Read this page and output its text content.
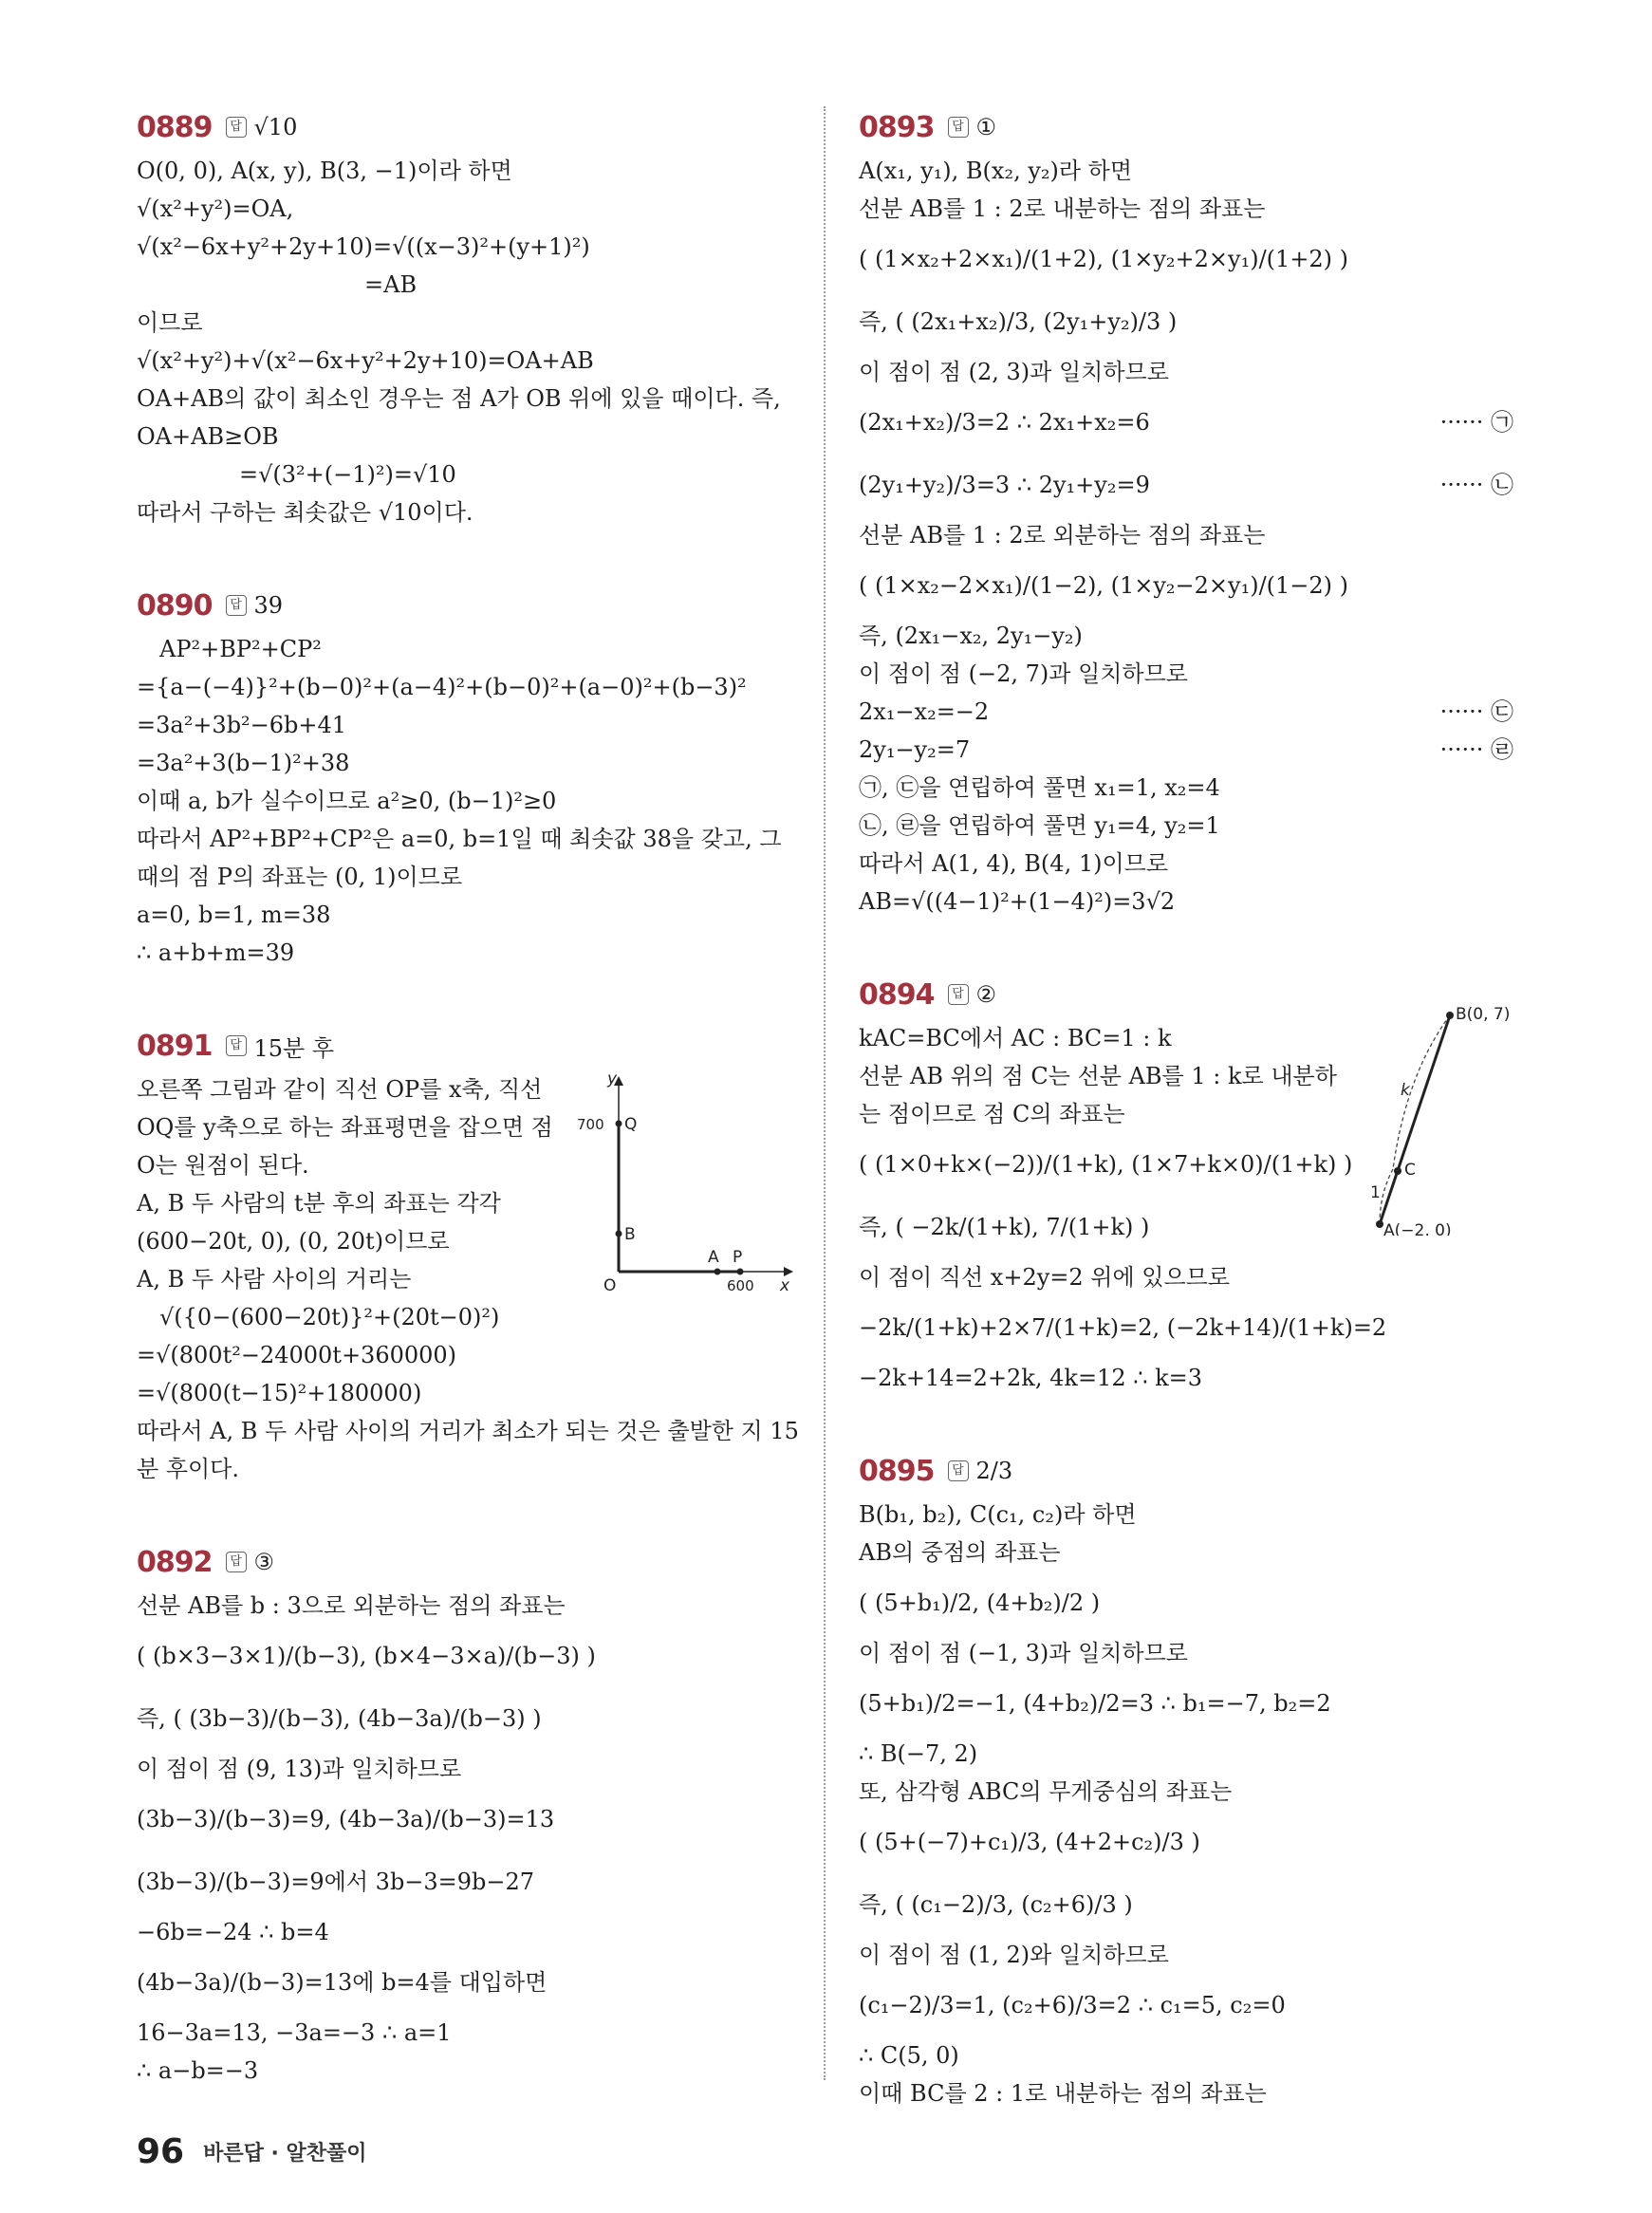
0889	답 √10
O(0, 0), A(x, y), B(3, −1)이라 하면
√(x²+y²)=OA,
√(x²−6x+y²+2y+10)=√((x−3)²+(y+1)²)
=AB
이므로
√(x²+y²)+√(x²−6x+y²+2y+10)=OA+AB
OA+AB의 값이 최소인 경우는 점 A가 OB 위에 있을 때이다. 즉,
OA+AB≥OB
=√(3²+(−1)²)=√10
따라서 구하는 최솟값은 √10이다.
0890	답 39
AP²+BP²+CP²
={a−(−4)}²+(b−0)²+(a−4)²+(b−0)²+(a−0)²+(b−3)²
=3a²+3b²−6b+41
=3a²+3(b−1)²+38
이때 a, b가 실수이므로 a²≥0, (b−1)²≥0
따라서 AP²+BP²+CP²은 a=0, b=1일 때 최솟값 38을 갖고, 그
때의 점 P의 좌표는 (0, 1)이므로
a=0, b=1, m=38
∴ a+b+m=39
0891	답 15분 후
오른쪽 그림과 같이 직선 OP를 x축, 직선
OQ를 y축으로 하는 좌표평면을 잡으면 점
O는 원점이 된다.
A, B 두 사람의 t분 후의 좌표는 각각
(600−20t, 0), (0, 20t)이므로
A, B 두 사람 사이의 거리는
√({0−(600−20t)}²+(20t−0)²)
=√(800t²−24000t+360000)
=√(800(t−15)²+180000)
따라서 A, B 두 사람 사이의 거리가 최소가 되는 것은 출발한 지 15
분 후이다.
0892	답 ③
선분 AB를 b : 3으로 외분하는 점의 좌표는
( (b×3−3×1)/(b−3), (b×4−3×a)/(b−3) )
즉, ( (3b−3)/(b−3), (4b−3a)/(b−3) )
이 점이 점 (9, 13)과 일치하므로
(3b−3)/(b−3)=9, (4b−3a)/(b−3)=13
(3b−3)/(b−3)=9에서 3b−3=9b−27
−6b=−24 ∴ b=4
(4b−3a)/(b−3)=13에 b=4를 대입하면
16−3a=13, −3a=−3 ∴ a=1
∴ a−b=−3
0893	답 ①
A(x₁, y₁), B(x₂, y₂)라 하면
선분 AB를 1 : 2로 내분하는 점의 좌표는
( (1×x₂+2×x₁)/(1+2), (1×y₂+2×y₁)/(1+2) )
즉, ( (2x₁+x₂)/3, (2y₁+y₂)/3 )
이 점이 점 (2, 3)과 일치하므로
(2x₁+x₂)/3=2 ∴ 2x₁+x₂=6	······ ㉠
(2y₁+y₂)/3=3 ∴ 2y₁+y₂=9	······ ㉡
선분 AB를 1 : 2로 외분하는 점의 좌표는
( (1×x₂−2×x₁)/(1−2), (1×y₂−2×y₁)/(1−2) )
즉, (2x₁−x₂, 2y₁−y₂)
이 점이 점 (−2, 7)과 일치하므로
2x₁−x₂=−2	······ ㉢
2y₁−y₂=7	······ ㉣
㉠, ㉢을 연립하여 풀면 x₁=1, x₂=4
㉡, ㉣을 연립하여 풀면 y₁=4, y₂=1
따라서 A(1, 4), B(4, 1)이므로
AB=√((4−1)²+(1−4)²)=3√2
0894	답 ②
kAC=BC에서 AC : BC=1 : k
선분 AB 위의 점 C는 선분 AB를 1 : k로 내분하
는 점이므로 점 C의 좌표는
( (1×0+k×(−2))/(1+k), (1×7+k×0)/(1+k) )
즉, ( −2k/(1+k), 7/(1+k) )
이 점이 직선 x+2y=2 위에 있으므로
−2k/(1+k)+2×7/(1+k)=2, (−2k+14)/(1+k)=2
−2k+14=2+2k, 4k=12 ∴ k=3
0895	답 2/3
B(b₁, b₂), C(c₁, c₂)라 하면
AB의 중점의 좌표는
( (5+b₁)/2, (4+b₂)/2 )
이 점이 점 (−1, 3)과 일치하므로
(5+b₁)/2=−1, (4+b₂)/2=3 ∴ b₁=−7, b₂=2
∴ B(−7, 2)
또, 삼각형 ABC의 무게중심의 좌표는
( (5+(−7)+c₁)/3, (4+2+c₂)/3 )
즉, ( (c₁−2)/3, (c₂+6)/3 )
이 점이 점 (1, 2)와 일치하므로
(c₁−2)/3=1, (c₂+6)/3=2 ∴ c₁=5, c₂=0
∴ C(5, 0)
이때 BC를 2 : 1로 내분하는 점의 좌표는
y
x
O
700 Q
B
A P
600
B(0, 7)
A(−2, 0)
C
k
1
96 바른답 · 알찬풀이
